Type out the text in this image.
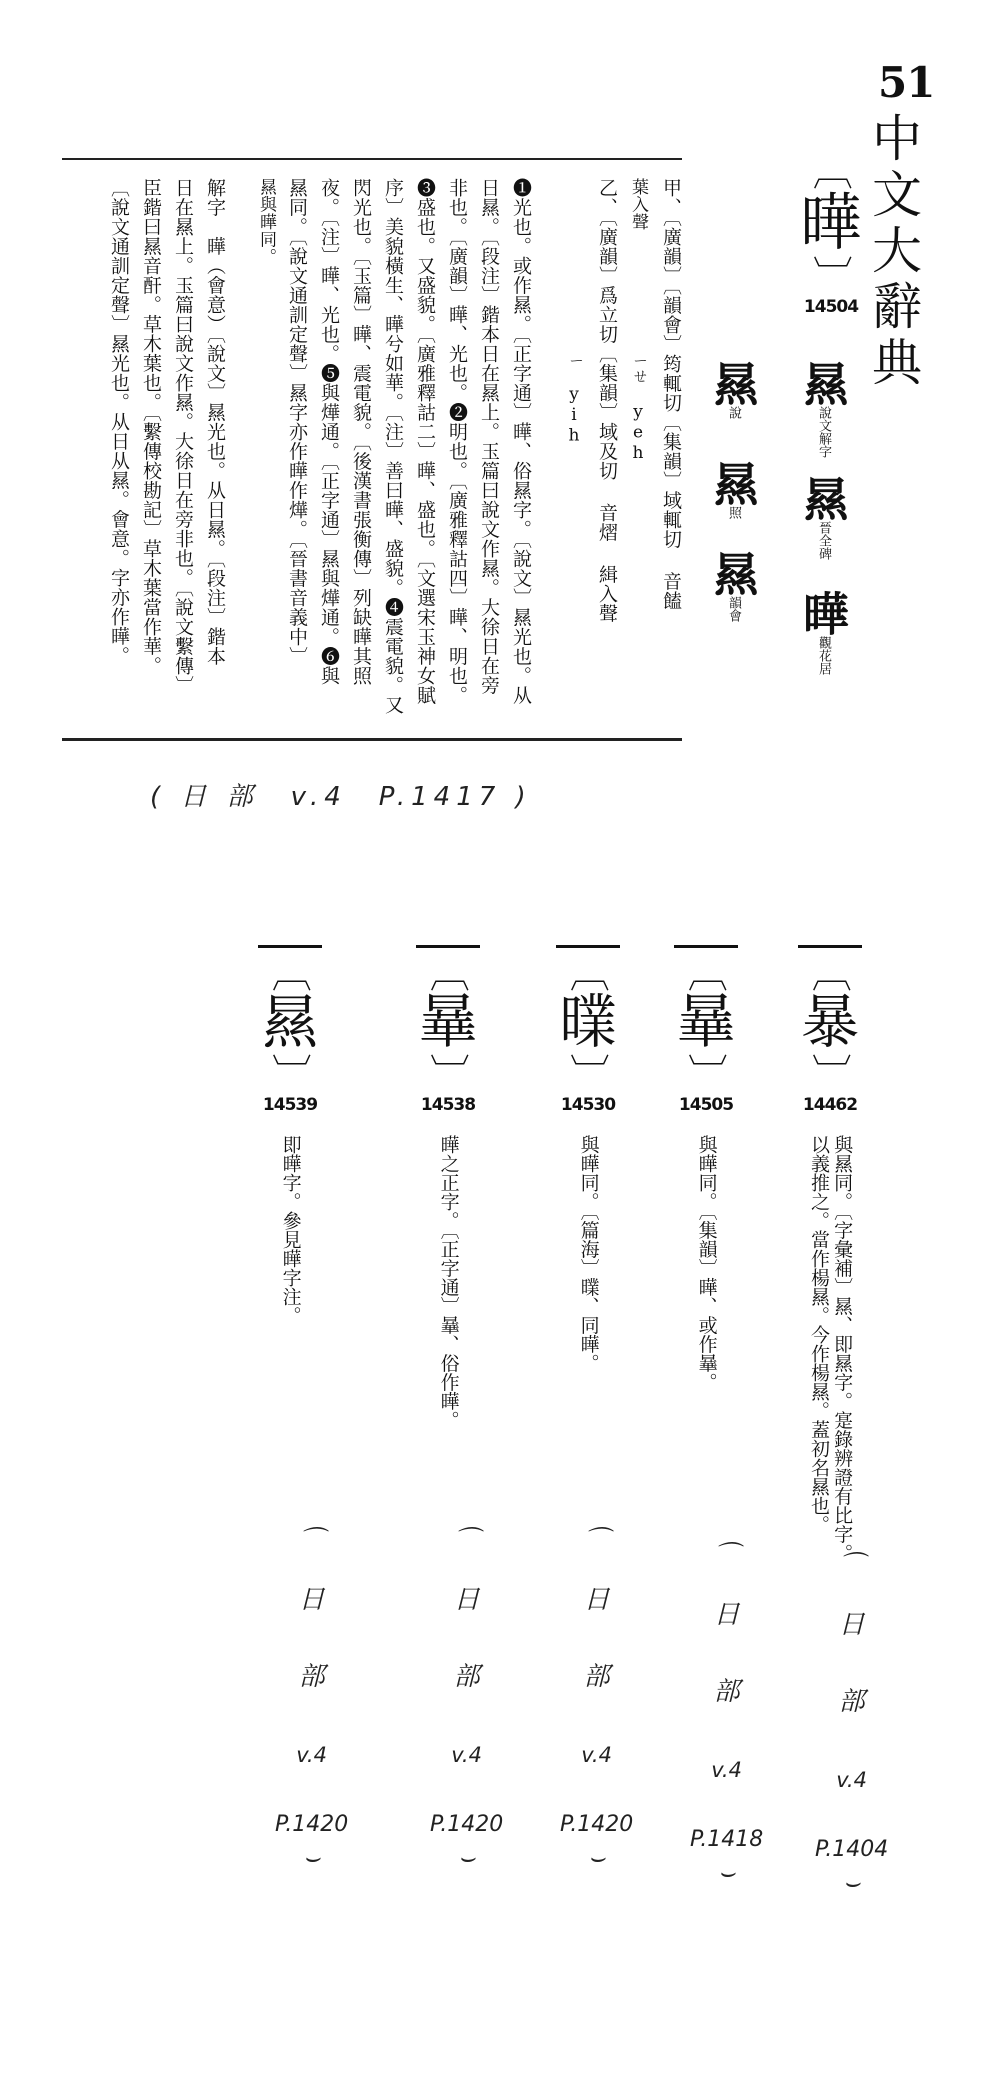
51
中文大辭典
〔
曄
〕
14504
㬎說文解字
㬎晉全碑
曄觀花居
㬎說
㬎照
㬎韻會
甲、〔廣韻〕〔韻會〕筠輒切〔集韻〕域輒切 音饁
葉入聲　　　　　　　ㄧㄝ　yeh
乙、〔廣韻〕爲立切〔集韻〕域及切 音熠 緝入聲
　　　　　　　　　　ㄧ　yih
❶光也。或作㬎。〔正字通〕曄、俗㬎字。〔說文〕㬎光也。从
日㬎。〔段注〕鍇本日在㬎上。玉篇曰說文作㬎。大徐日在旁
非也。〔廣韻〕曄、光也。❷明也。〔廣雅釋詁四〕曄、明也。
❸盛也。又盛貌。〔廣雅釋詁二〕曄、盛也。〔文選宋玉神女賦
序〕美貌橫生、曄兮如華。〔注〕善曰曄、盛貌。❹震電貌。又
閃光也。〔玉篇〕曄、震電貌。〔後漢書張衡傳〕列缺曄其照
夜。〔注〕曄、光也。❺與燁通。〔正字通〕㬎與燁通。❻與
㬎同。〔說文通訓定聲〕㬎字亦作曄作燁。〔晉書音義中〕
㬎與曄同。
解字　曄（會意）〔說文〕㬎光也。从日㬎。〔段注〕鍇本
日在㬎上。玉篇曰說文作㬎。大徐日在旁非也。〔說文繫傳〕
臣鍇曰㬎音酐。草木葉也。〔繫傳校勘記〕草木葉當作華。
〔說文通訓定聲〕㬎光也。从日从㬎。會意。字亦作曄。
( 日 部　v.4　P.1417 )
〔
暴
〕
14462
與㬎同。〔字彙補〕㬎、即㬎字。寔錄辨證有比字。以義推之。當作楊㬎。今作楊㬎。蓋初名㬎也。
〔
曅
〕
14505
與曄同。〔集韻〕曄、或作曅。
〔
曗
〕
14530
與曄同。〔篇海〕曗、同曄。
〔
曅
〕
14538
曄之正字。〔正字通〕曅、俗作曄。
〔
㬎
〕
14539
即曄字。參見曄字注。
⌒
日
部
v.4
P.1404
⌣
⌒
日
部
v.4
P.1418
⌣
⌒
日
部
v.4
P.1420
⌣
⌒
日
部
v.4
P.1420
⌣
⌒
日
部
v.4
P.1420
⌣
